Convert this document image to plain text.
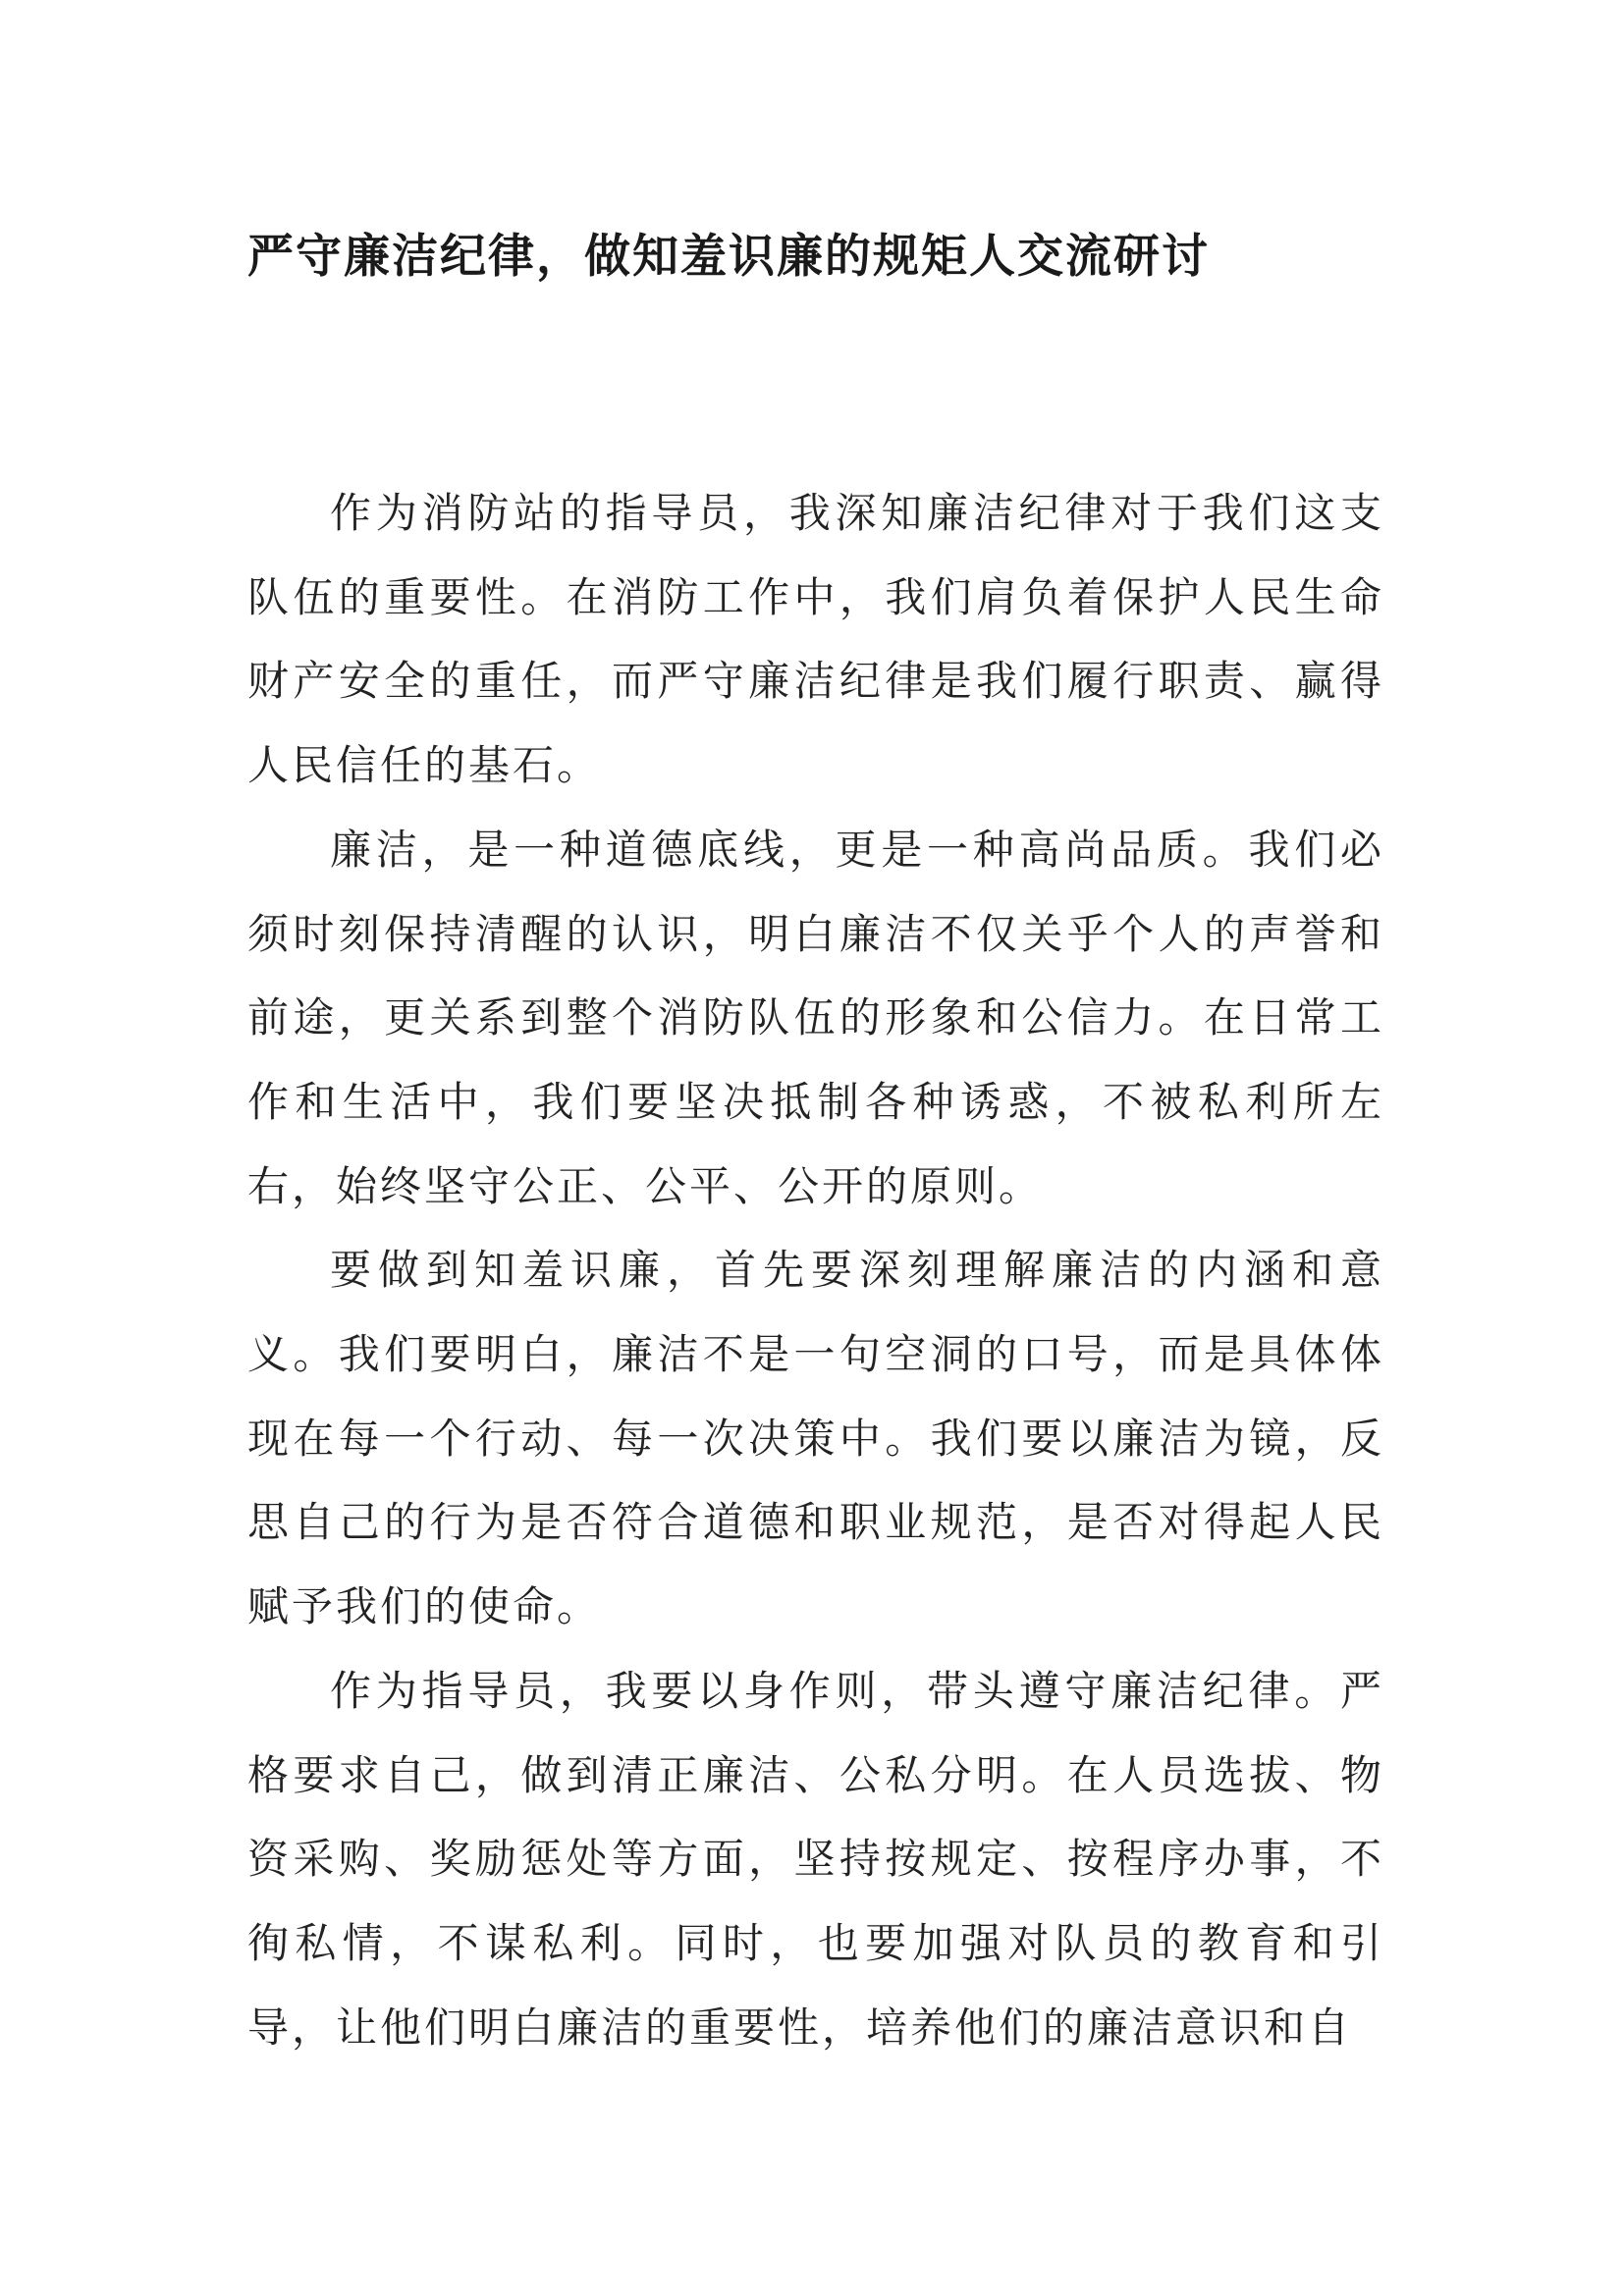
严守廉洁纪律，做知羞识廉的规矩人交流研讨

作为消防站的指导员，我深知廉洁纪律对于我们这支队伍的重要性。在消防工作中，我们肩负着保护人民生命财产安全的重任，而严守廉洁纪律是我们履行职责、赢得人民信任的基石。

廉洁，是一种道德底线，更是一种高尚品质。我们必须时刻保持清醒的认识，明白廉洁不仅关乎个人的声誉和前途，更关系到整个消防队伍的形象和公信力。在日常工作和生活中，我们要坚决抵制各种诱惑，不被私利所左右，始终坚守公正、公平、公开的原则。

要做到知羞识廉，首先要深刻理解廉洁的内涵和意义。我们要明白，廉洁不是一句空洞的口号，而是具体体现在每一个行动、每一次决策中。我们要以廉洁为镜，反思自己的行为是否符合道德和职业规范，是否对得起人民赋予我们的使命。

作为指导员，我要以身作则，带头遵守廉洁纪律。严格要求自己，做到清正廉洁、公私分明。在人员选拔、物资采购、奖励惩处等方面，坚持按规定、按程序办事，不徇私情，不谋私利。同时，也要加强对队员的教育和引导，让他们明白廉洁的重要性，培养他们的廉洁意识和自
